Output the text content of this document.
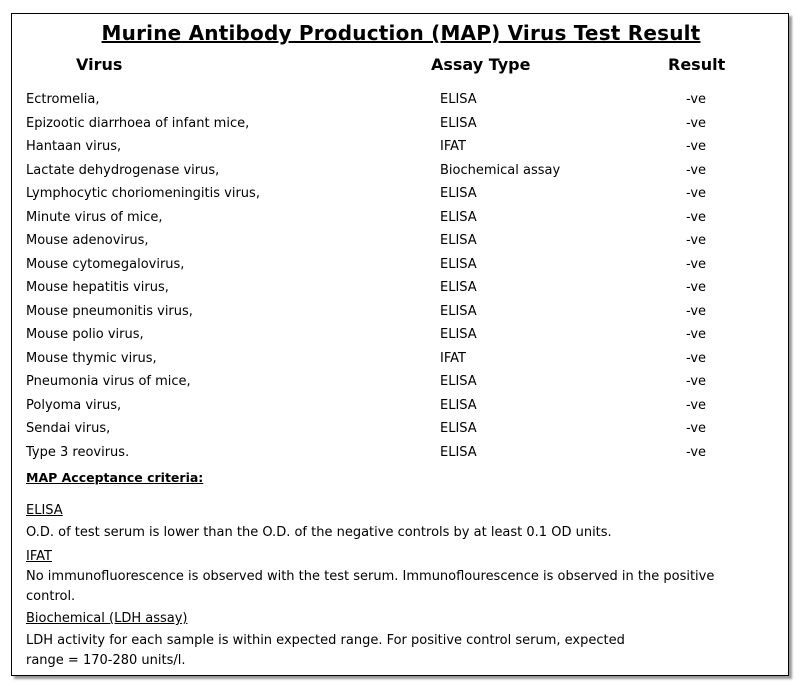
Murine Antibody Production (MAP) Virus Test Result
Virus	Assay Type	Result
Ectromelia,	ELISA	-ve
Epizootic diarrhoea of infant mice,	ELISA	-ve
Hantaan virus,	IFAT	-ve
Lactate dehydrogenase virus,	Biochemical assay	-ve
Lymphocytic choriomeningitis virus,	ELISA	-ve
Minute virus of mice,	ELISA	-ve
Mouse adenovirus,	ELISA	-ve
Mouse cytomegalovirus,	ELISA	-ve
Mouse hepatitis virus,	ELISA	-ve
Mouse pneumonitis virus,	ELISA	-ve
Mouse polio virus,	ELISA	-ve
Mouse thymic virus,	IFAT	-ve
Pneumonia virus of mice,	ELISA	-ve
Polyoma virus,	ELISA	-ve
Sendai virus,	ELISA	-ve
Type 3 reovirus.	ELISA	-ve
MAP Acceptance criteria:
ELISA
O.D. of test serum is lower than the O.D. of the negative controls by at least 0.1 OD units.
IFAT
No immunofluorescence is observed with the test serum. Immunoflourescence is observed in the positive control.
Biochemical (LDH assay)
LDH activity for each sample is within expected range. For positive control serum, expected
range = 170-280 units/l.
